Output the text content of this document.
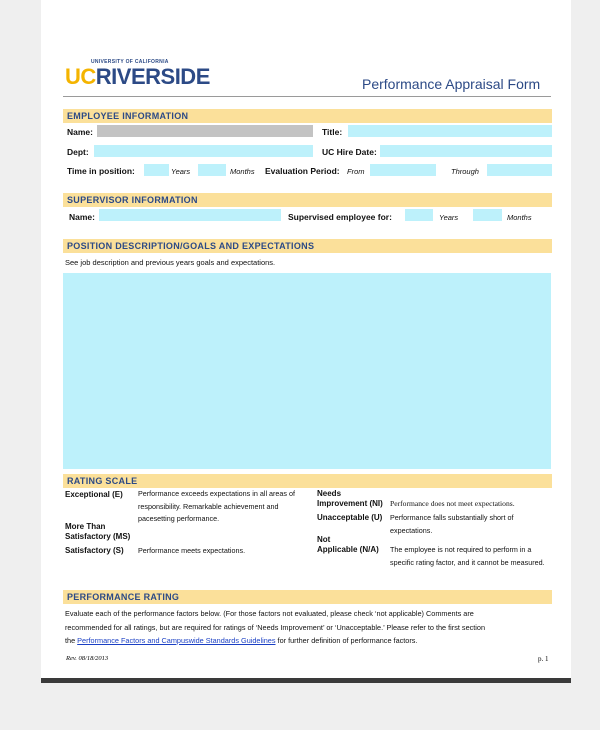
UNIVERSITY OF CALIFORNIA
UCRIVERSIDE	Performance Appraisal Form
EMPLOYEE INFORMATION
Name:	Title:
Dept:	UC Hire Date:
Time in position:	Years	Months Evaluation Period: From	Through
SUPERVISOR INFORMATION
Name:	Supervised employee for:	Years	Months
POSITION DESCRIPTION/GOALS AND EXPECTATIONS
See job description and previous years goals and expectations.
RATING SCALE
Exceptional (E) Performance exceeds expectations in all areas of
responsibility. Remarkable achievement and
pacesetting performance.
More Than
Satisfactory (MS)
Satisfactory (S) Performance meets expectations.
Needs
Improvement (NI) Performance does not meet expectations.
Unacceptable (U) Performance falls substantially short of
expectations.
Not
Applicable (N/A) The employee is not required to perform in a
specific rating factor, and it cannot be measured.
PERFORMANCE RATING
Evaluate each of the performance factors below. (For those factors not evaluated, please check ‘not applicable) Comments are
recommended for all ratings, but are required for ratings of ‘Needs Improvement’ or ‘Unacceptable.’ Please refer to the first section
the Performance Factors and Campuswide Standards Guidelines for further definition of performance factors.
Rev. 08/18/2013	p. 1
